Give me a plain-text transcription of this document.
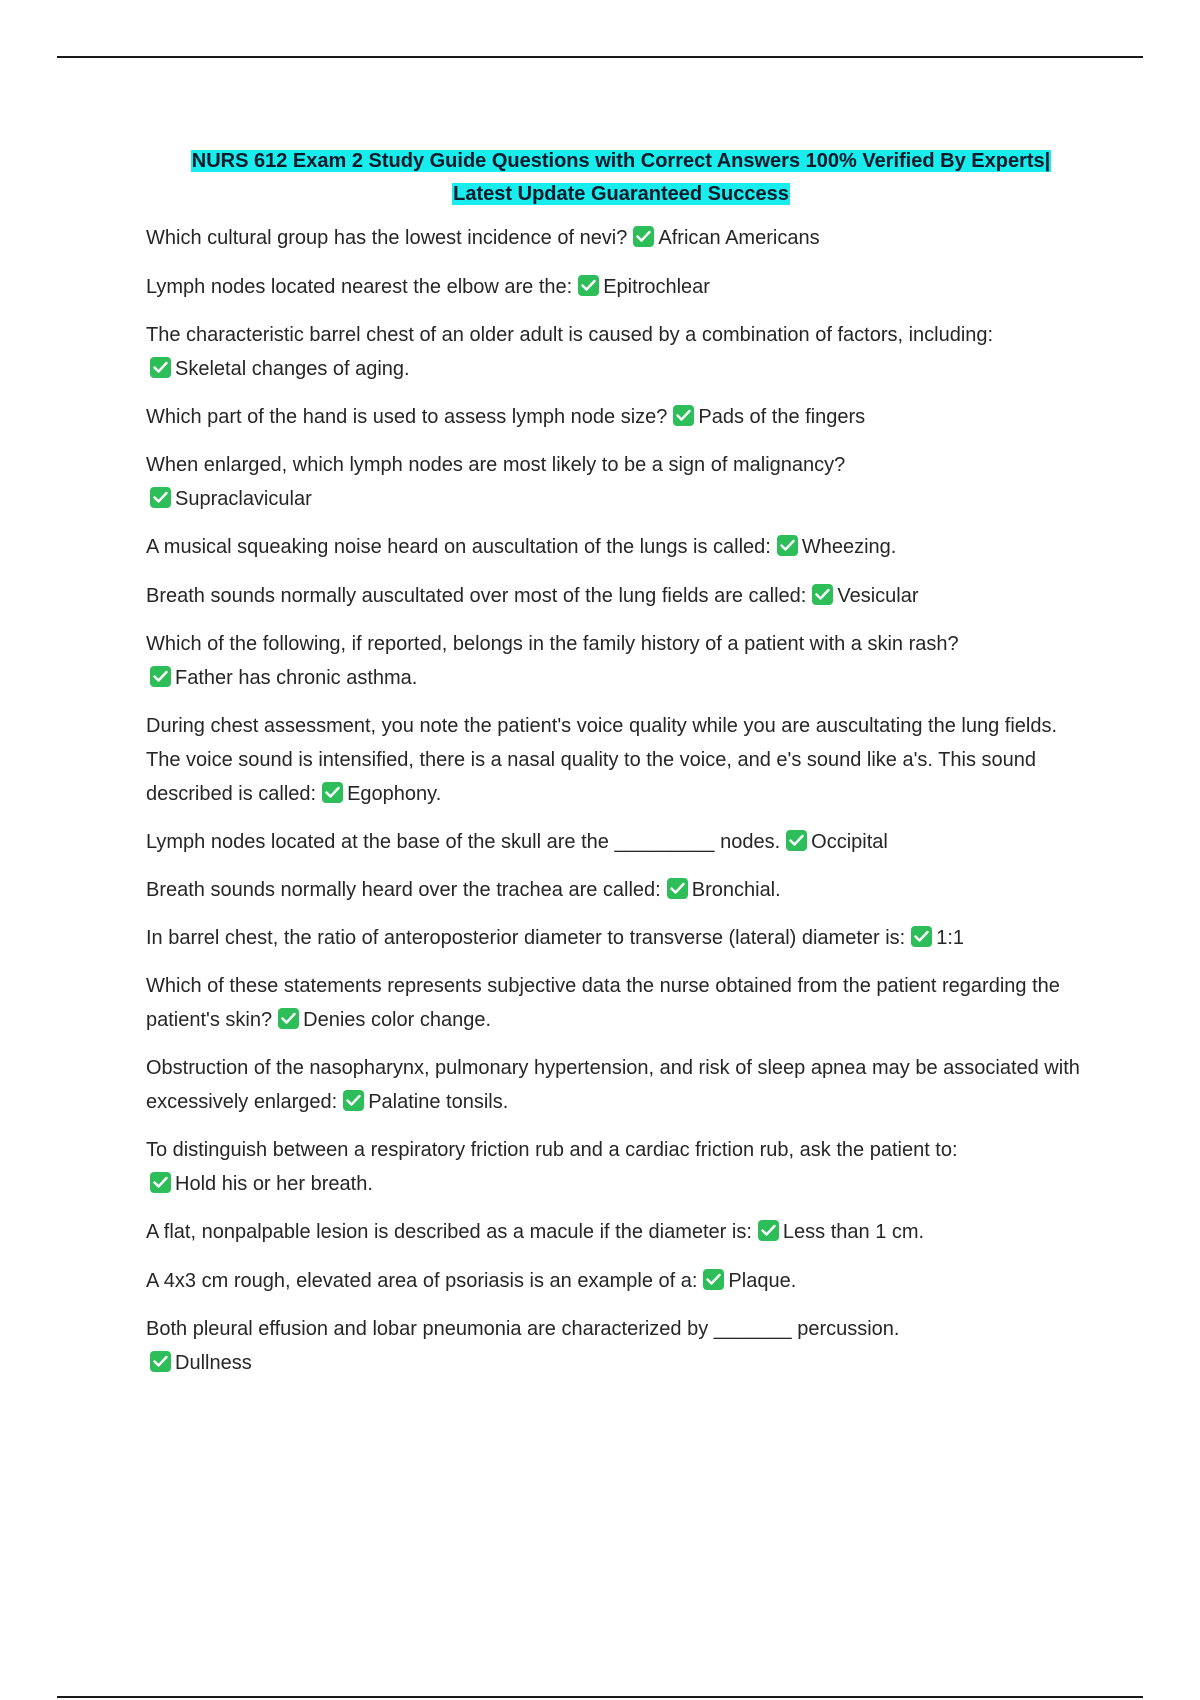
NURS 612 Exam 2 Study Guide Questions with Correct Answers 100% Verified By Experts|
Latest Update Guaranteed Success

Which cultural group has the lowest incidence of nevi? African Americans

Lymph nodes located nearest the elbow are the: Epitrochlear

The characteristic barrel chest of an older adult is caused by a combination of factors, including:

Skeletal changes of aging.

Which part of the hand is used to assess lymph node size? Pads of the fingers

When enlarged, which lymph nodes are most likely to be a sign of malignancy?

Supraclavicular

A musical squeaking noise heard on auscultation of the lungs is called: Wheezing.

Breath sounds normally auscultated over most of the lung fields are called: Vesicular

Which of the following, if reported, belongs in the family history of a patient with a skin rash?

Father has chronic asthma.

During chest assessment, you note the patient's voice quality while you are auscultating the lung fields. The voice sound is intensified, there is a nasal quality to the voice, and e's sound like a's. This sound described is called: Egophony.

Lymph nodes located at the base of the skull are the _________ nodes. Occipital

Breath sounds normally heard over the trachea are called: Bronchial.

In barrel chest, the ratio of anteroposterior diameter to transverse (lateral) diameter is: 1:1

Which of these statements represents subjective data the nurse obtained from the patient regarding the patient's skin? Denies color change.

Obstruction of the nasopharynx, pulmonary hypertension, and risk of sleep apnea may be associated with excessively enlarged: Palatine tonsils.

To distinguish between a respiratory friction rub and a cardiac friction rub, ask the patient to:

Hold his or her breath.

A flat, nonpalpable lesion is described as a macule if the diameter is: Less than 1 cm.

A 4x3 cm rough, elevated area of psoriasis is an example of a: Plaque.

Both pleural effusion and lobar pneumonia are characterized by _______ percussion.

Dullness
